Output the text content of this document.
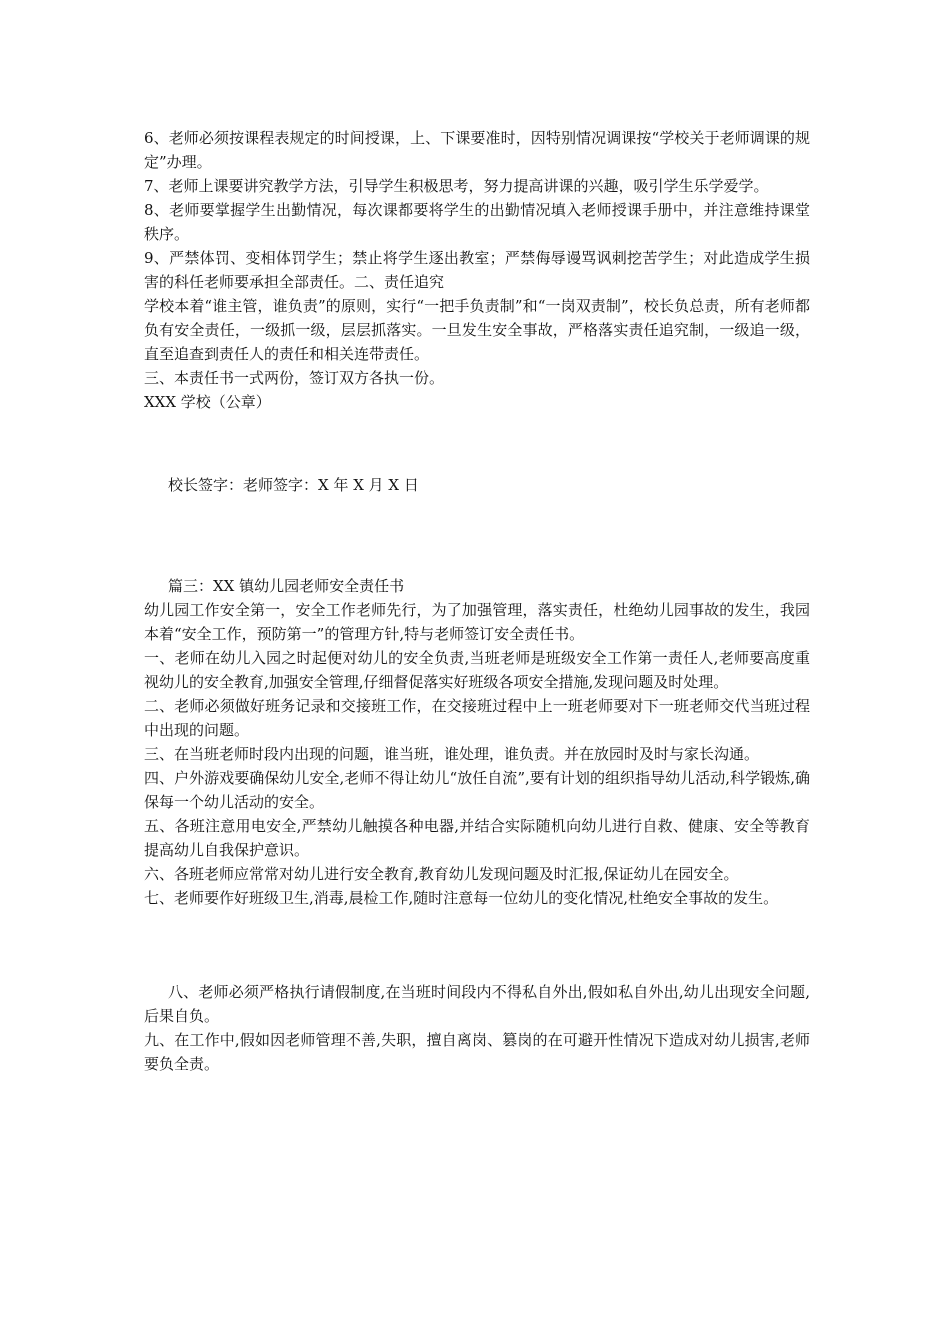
6、老师必须按课程表规定的时间授课，上、下课要准时，因特别情况调课按“学校关于老师调课的规定”办理。

7、老师上课要讲究教学方法，引导学生积极思考，努力提高讲课的兴趣，吸引学生乐学爱学。

8、老师要掌握学生出勤情况，每次课都要将学生的出勤情况填入老师授课手册中，并注意维持课堂秩序。

9、严禁体罚、变相体罚学生；禁止将学生逐出教室；严禁侮辱谩骂讽刺挖苦学生；对此造成学生损害的科任老师要承担全部责任。二、责任追究

学校本着“谁主管，谁负责”的原则，实行“一把手负责制”和“一岗双责制”，校长负总责，所有老师都负有安全责任，一级抓一级，层层抓落实。一旦发生安全事故，严格落实责任追究制，一级追一级，直至追查到责任人的责任和相关连带责任。

三、本责任书一式两份，签订双方各执一份。

XXX 学校（公章）

校长签字：老师签字：X 年 X 月 X 日

篇三：XX 镇幼儿园老师安全责任书

幼儿园工作安全第一，安全工作老师先行，为了加强管理，落实责任，杜绝幼儿园事故的发生，我园本着“安全工作，预防第一”的管理方针,特与老师签订安全责任书。

一、老师在幼儿入园之时起便对幼儿的安全负责,当班老师是班级安全工作第一责任人,老师要高度重视幼儿的安全教育,加强安全管理,仔细督促落实好班级各项安全措施,发现问题及时处理。

二、老师必须做好班务记录和交接班工作，在交接班过程中上一班老师要对下一班老师交代当班过程中出现的问题。

三、在当班老师时段内出现的问题，谁当班，谁处理，谁负责。并在放园时及时与家长沟通。

四、户外游戏要确保幼儿安全,老师不得让幼儿“放任自流”,要有计划的组织指导幼儿活动,科学锻炼,确保每一个幼儿活动的安全。

五、各班注意用电安全,严禁幼儿触摸各种电器,并结合实际随机向幼儿进行自救、健康、安全等教育提高幼儿自我保护意识。

六、各班老师应常常对幼儿进行安全教育,教育幼儿发现问题及时汇报,保证幼儿在园安全。

七、老师要作好班级卫生,消毒,晨检工作,随时注意每一位幼儿的变化情况,杜绝安全事故的发生。

八、老师必须严格执行请假制度,在当班时间段内不得私自外出,假如私自外出,幼儿出现安全问题,后果自负。

九、在工作中,假如因老师管理不善,失职，擅自离岗、篡岗的在可避开性情况下造成对幼儿损害,老师要负全责。
